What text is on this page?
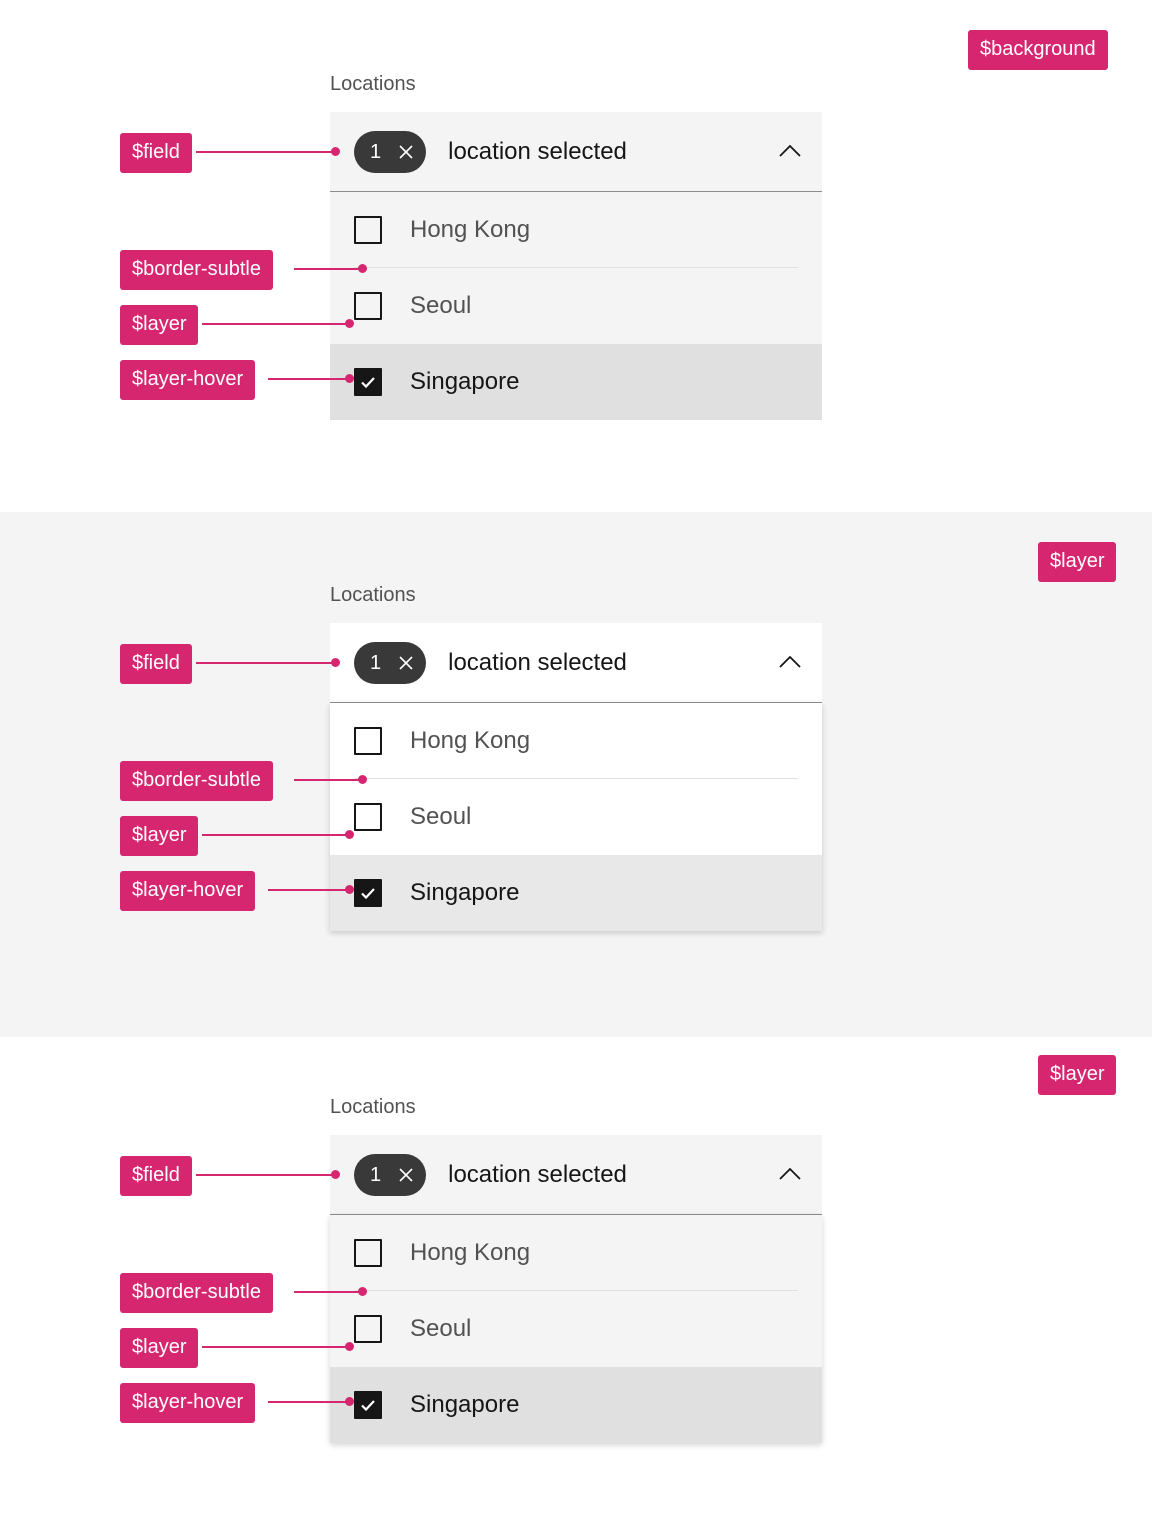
$background
Locations
1	location selected
Hong Kong
Seoul
Singapore
$field
$border-subtle
$layer
$layer-hover
$layer
Locations
1	location selected
Hong Kong
Seoul
Singapore
$field
$border-subtle
$layer
$layer-hover
$layer
Locations
1	location selected
Hong Kong
Seoul
Singapore
$field
$border-subtle
$layer
$layer-hover
